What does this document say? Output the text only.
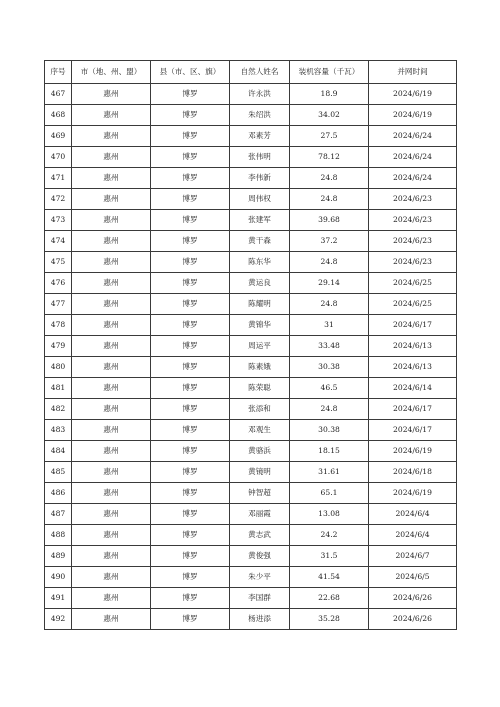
序号	市（地、州、盟）	县（市、区、旗）	自然人姓名	装机容量（千瓦）	并网时间
467	惠州	博罗	许永洪	18.9	2024/6/19
468	惠州	博罗	朱绍洪	34.02	2024/6/19
469	惠州	博罗	邓素芳	27.5	2024/6/24
470	惠州	博罗	张伟明	78.12	2024/6/24
471	惠州	博罗	李伟新	24.8	2024/6/24
472	惠州	博罗	周伟权	24.8	2024/6/23
473	惠州	博罗	张建军	39.68	2024/6/23
474	惠州	博罗	黄干森	37.2	2024/6/23
475	惠州	博罗	陈东华	24.8	2024/6/23
476	惠州	博罗	黄运良	29.14	2024/6/25
477	惠州	博罗	陈耀明	24.8	2024/6/25
478	惠州	博罗	黄锦华	31	2024/6/17
479	惠州	博罗	周运平	33.48	2024/6/13
480	惠州	博罗	陈素娥	30.38	2024/6/13
481	惠州	博罗	陈荣聪	46.5	2024/6/14
482	惠州	博罗	张添和	24.8	2024/6/17
483	惠州	博罗	邓观生	30.38	2024/6/17
484	惠州	博罗	黄骆浜	18.15	2024/6/19
485	惠州	博罗	黄镜明	31.61	2024/6/18
486	惠州	博罗	钟智超	65.1	2024/6/19
487	惠州	博罗	邓丽霞	13.08	2024/6/4
488	惠州	博罗	黄志武	24.2	2024/6/4
489	惠州	博罗	黄俊强	31.5	2024/6/7
490	惠州	博罗	朱少平	41.54	2024/6/5
491	惠州	博罗	李国群	22.68	2024/6/26
492	惠州	博罗	杨进添	35.28	2024/6/26
